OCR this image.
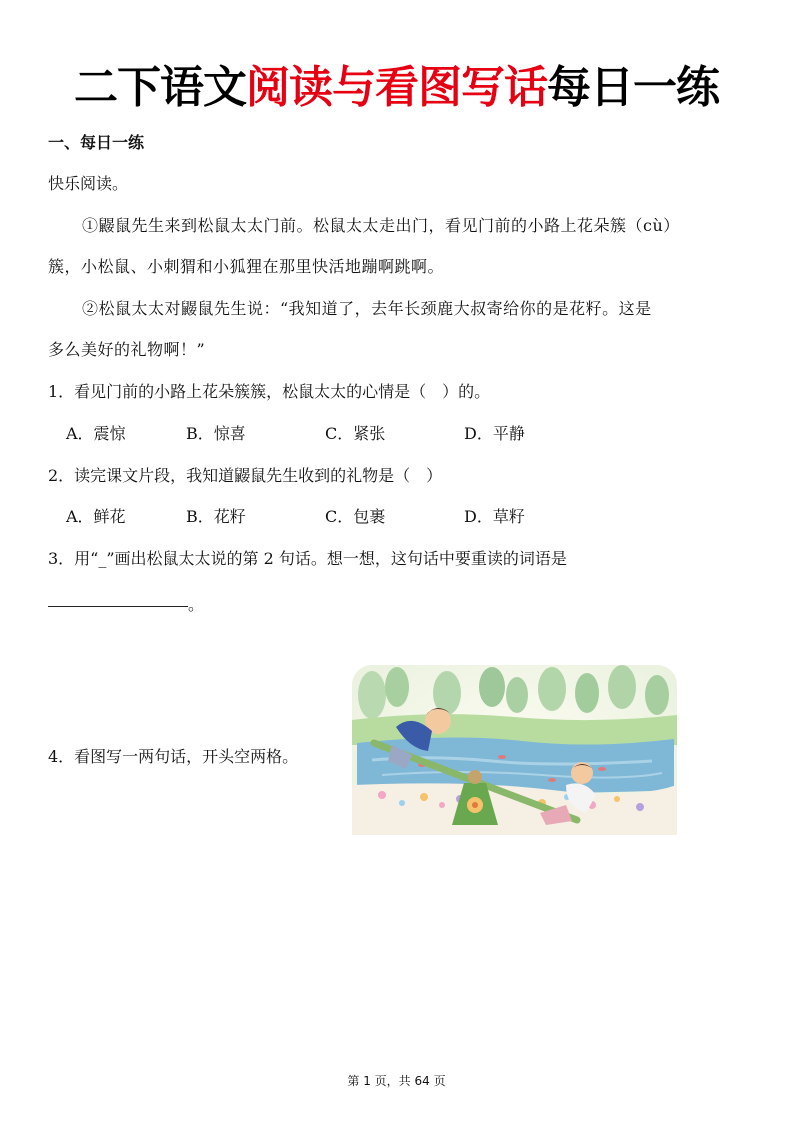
二下语文阅读与看图写话每日一练
一、每日一练
快乐阅读。
①鼹鼠先生来到松鼠太太门前。松鼠太太走出门，看见门前的小路上花朵簇（cù）
簇，小松鼠、小刺猬和小狐狸在那里快活地蹦啊跳啊。
②松鼠太太对鼹鼠先生说：“我知道了，去年长颈鹿大叔寄给你的是花籽。这是
多么美好的礼物啊！”
1．看见门前的小路上花朵簇簇，松鼠太太的心情是（　）的。
A．震惊	B．惊喜	C．紧张	D．平静
2．读完课文片段，我知道鼹鼠先生收到的礼物是（　）
A．鲜花	B．花籽	C．包裹	D．草籽
3．用“_”画出松鼠太太说的第 2 句话。想一想，这句话中要重读的词语是
。
4．看图写一两句话，开头空两格。
第 1 页，共 64 页
